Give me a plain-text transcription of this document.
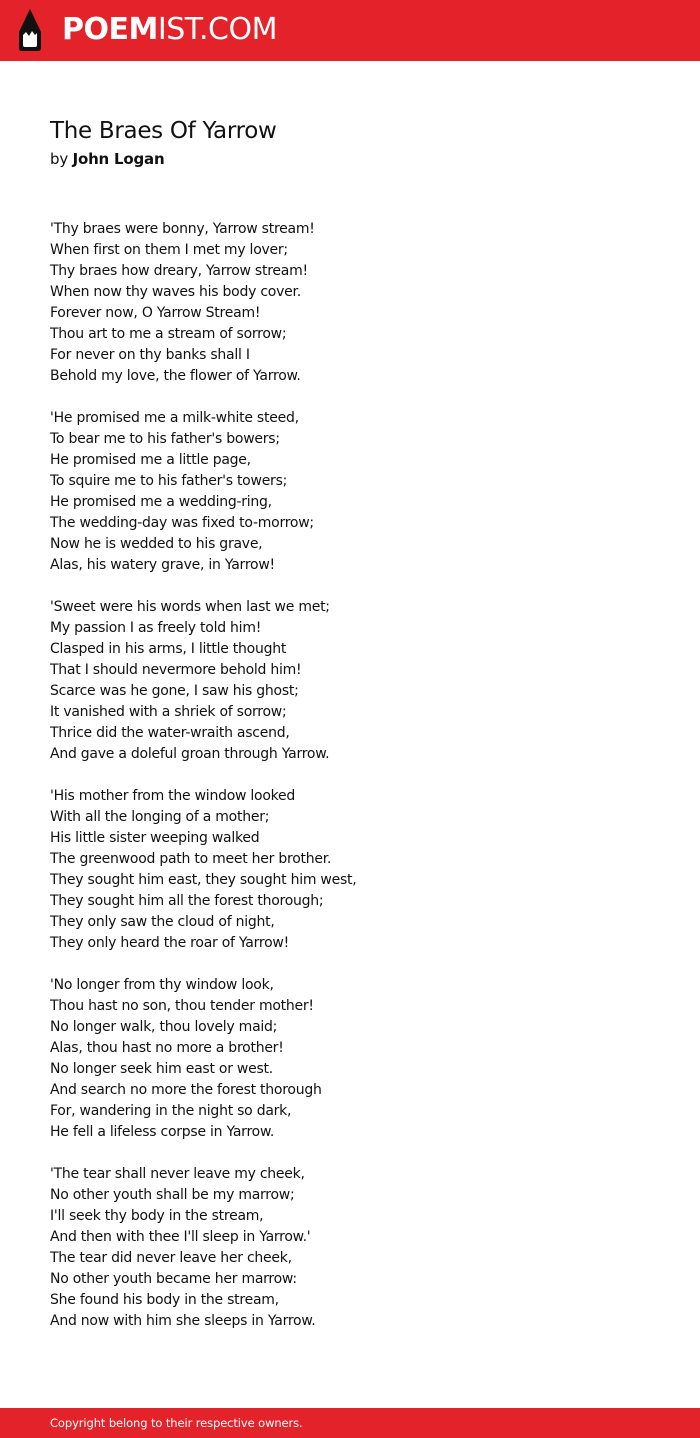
POEMIST.COM
The Braes Of Yarrow
by John Logan
'Thy braes were bonny, Yarrow stream!
When first on them I met my lover;
Thy braes how dreary, Yarrow stream!
When now thy waves his body cover.
Forever now, O Yarrow Stream!
Thou art to me a stream of sorrow;
For never on thy banks shall I
Behold my love, the flower of Yarrow.
'He promised me a milk-white steed,
To bear me to his father's bowers;
He promised me a little page,
To squire me to his father's towers;
He promised me a wedding-ring,
The wedding-day was fixed to-morrow;
Now he is wedded to his grave,
Alas, his watery grave, in Yarrow!
'Sweet were his words when last we met;
My passion I as freely told him!
Clasped in his arms, I little thought
That I should nevermore behold him!
Scarce was he gone, I saw his ghost;
It vanished with a shriek of sorrow;
Thrice did the water-wraith ascend,
And gave a doleful groan through Yarrow.
'His mother from the window looked
With all the longing of a mother;
His little sister weeping walked
The greenwood path to meet her brother.
They sought him east, they sought him west,
They sought him all the forest thorough;
They only saw the cloud of night,
They only heard the roar of Yarrow!
'No longer from thy window look,
Thou hast no son, thou tender mother!
No longer walk, thou lovely maid;
Alas, thou hast no more a brother!
No longer seek him east or west.
And search no more the forest thorough
For, wandering in the night so dark,
He fell a lifeless corpse in Yarrow.
'The tear shall never leave my cheek,
No other youth shall be my marrow;
I'll seek thy body in the stream,
And then with thee I'll sleep in Yarrow.'
The tear did never leave her cheek,
No other youth became her marrow:
She found his body in the stream,
And now with him she sleeps in Yarrow.
Copyright belong to their respective owners.
